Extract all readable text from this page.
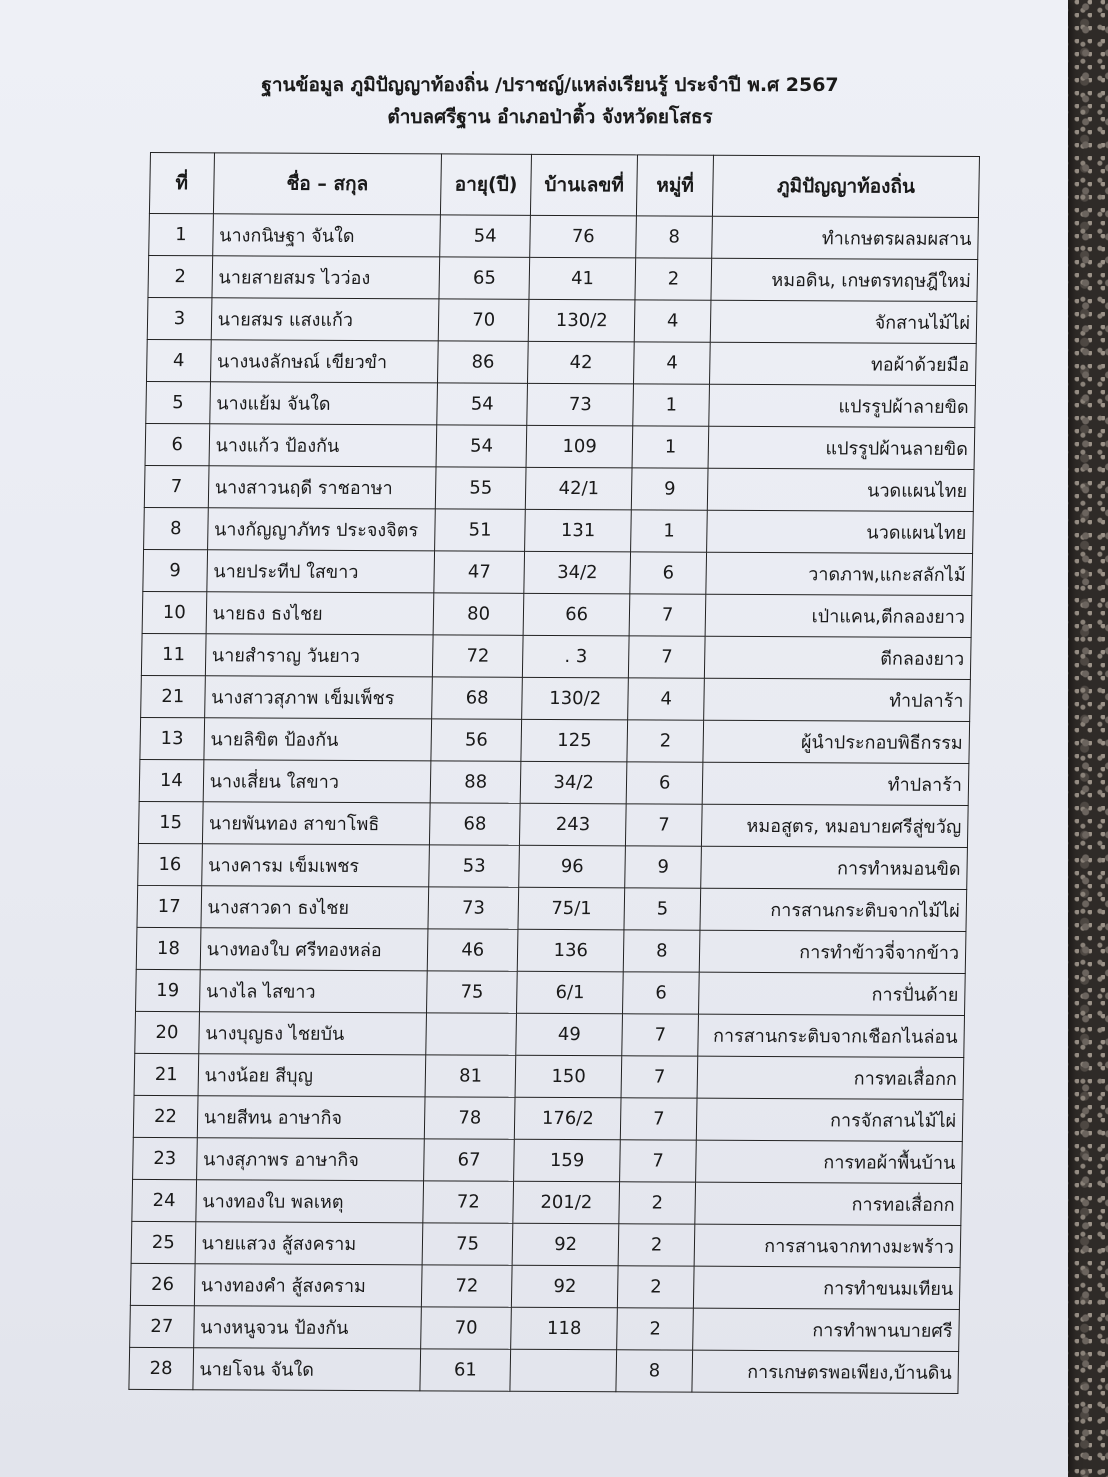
ฐานข้อมูล ภูมิปัญญาท้องถิ่น /ปราชญ์/แหล่งเรียนรู้ ประจำปี พ.ศ 2567
ตำบลศรีฐาน อำเภอป่าติ้ว จังหวัดยโสธร
ที่	ชื่อ – สกุล	อายุ(ปี)	บ้านเลขที่	หมู่ที่	ภูมิปัญญาท้องถิ่น
1	นางกนิษฐา จันใด	54	76	8	ทำเกษตรผลมผสาน
2	นายสายสมร ไวว่อง	65	41	2	หมอดิน, เกษตรทฤษฎีใหม่
3	นายสมร แสงแก้ว	70	130/2	4	จักสานไม้ไผ่
4	นางนงลักษณ์ เขียวขำ	86	42	4	ทอผ้าด้วยมือ
5	นางแย้ม จันใด	54	73	1	แปรรูปผ้าลายขิด
6	นางแก้ว ป้องกัน	54	109	1	แปรรูปผ้านลายขิด
7	นางสาวนฤดี ราชอาษา	55	42/1	9	นวดแผนไทย
8	นางกัญญาภัทร ประจงจิตร	51	131	1	นวดแผนไทย
9	นายประทีป ใสขาว	47	34/2	6	วาดภาพ,แกะสลักไม้
10	นายธง ธงไชย	80	66	7	เป่าแคน,ตีกลองยาว
11	นายสำราญ วันยาว	72	. 3	7	ตีกลองยาว
21	นางสาวสุภาพ เข็มเพ็ชร	68	130/2	4	ทำปลาร้า
13	นายลิขิต ป้องกัน	56	125	2	ผู้นำประกอบพิธีกรรม
14	นางเสี่ยน ใสขาว	88	34/2	6	ทำปลาร้า
15	นายพันทอง สาขาโพธิ	68	243	7	หมอสูตร, หมอบายศรีสู่ขวัญ
16	นางคารม เข็มเพชร	53	96	9	การทำหมอนขิด
17	นางสาวดา ธงไชย	73	75/1	5	การสานกระติบจากไม้ไผ่
18	นางทองใบ ศรีทองหล่อ	46	136	8	การทำข้าวจี่จากข้าว
19	นางไล ไสขาว	75	6/1	6	การปั่นด้าย
20	นางบุญธง ไชยบัน		49	7	การสานกระติบจากเชือกไนล่อน
21	นางน้อย สีบุญ	81	150	7	การทอเสื่อกก
22	นายสีทน อาษากิจ	78	176/2	7	การจักสานไม้ไผ่
23	นางสุภาพร อาษากิจ	67	159	7	การทอผ้าพื้นบ้าน
24	นางทองใบ พลเหตุ	72	201/2	2	การทอเสื่อกก
25	นายแสวง สู้สงคราม	75	92	2	การสานจากทางมะพร้าว
26	นางทองคำ สู้สงคราม	72	92	2	การทำขนมเทียน
27	นางหนูจวน ป้องกัน	70	118	2	การทำพานบายศรี
28	นายโจน จันใด	61		8	การเกษตรพอเพียง,บ้านดิน
